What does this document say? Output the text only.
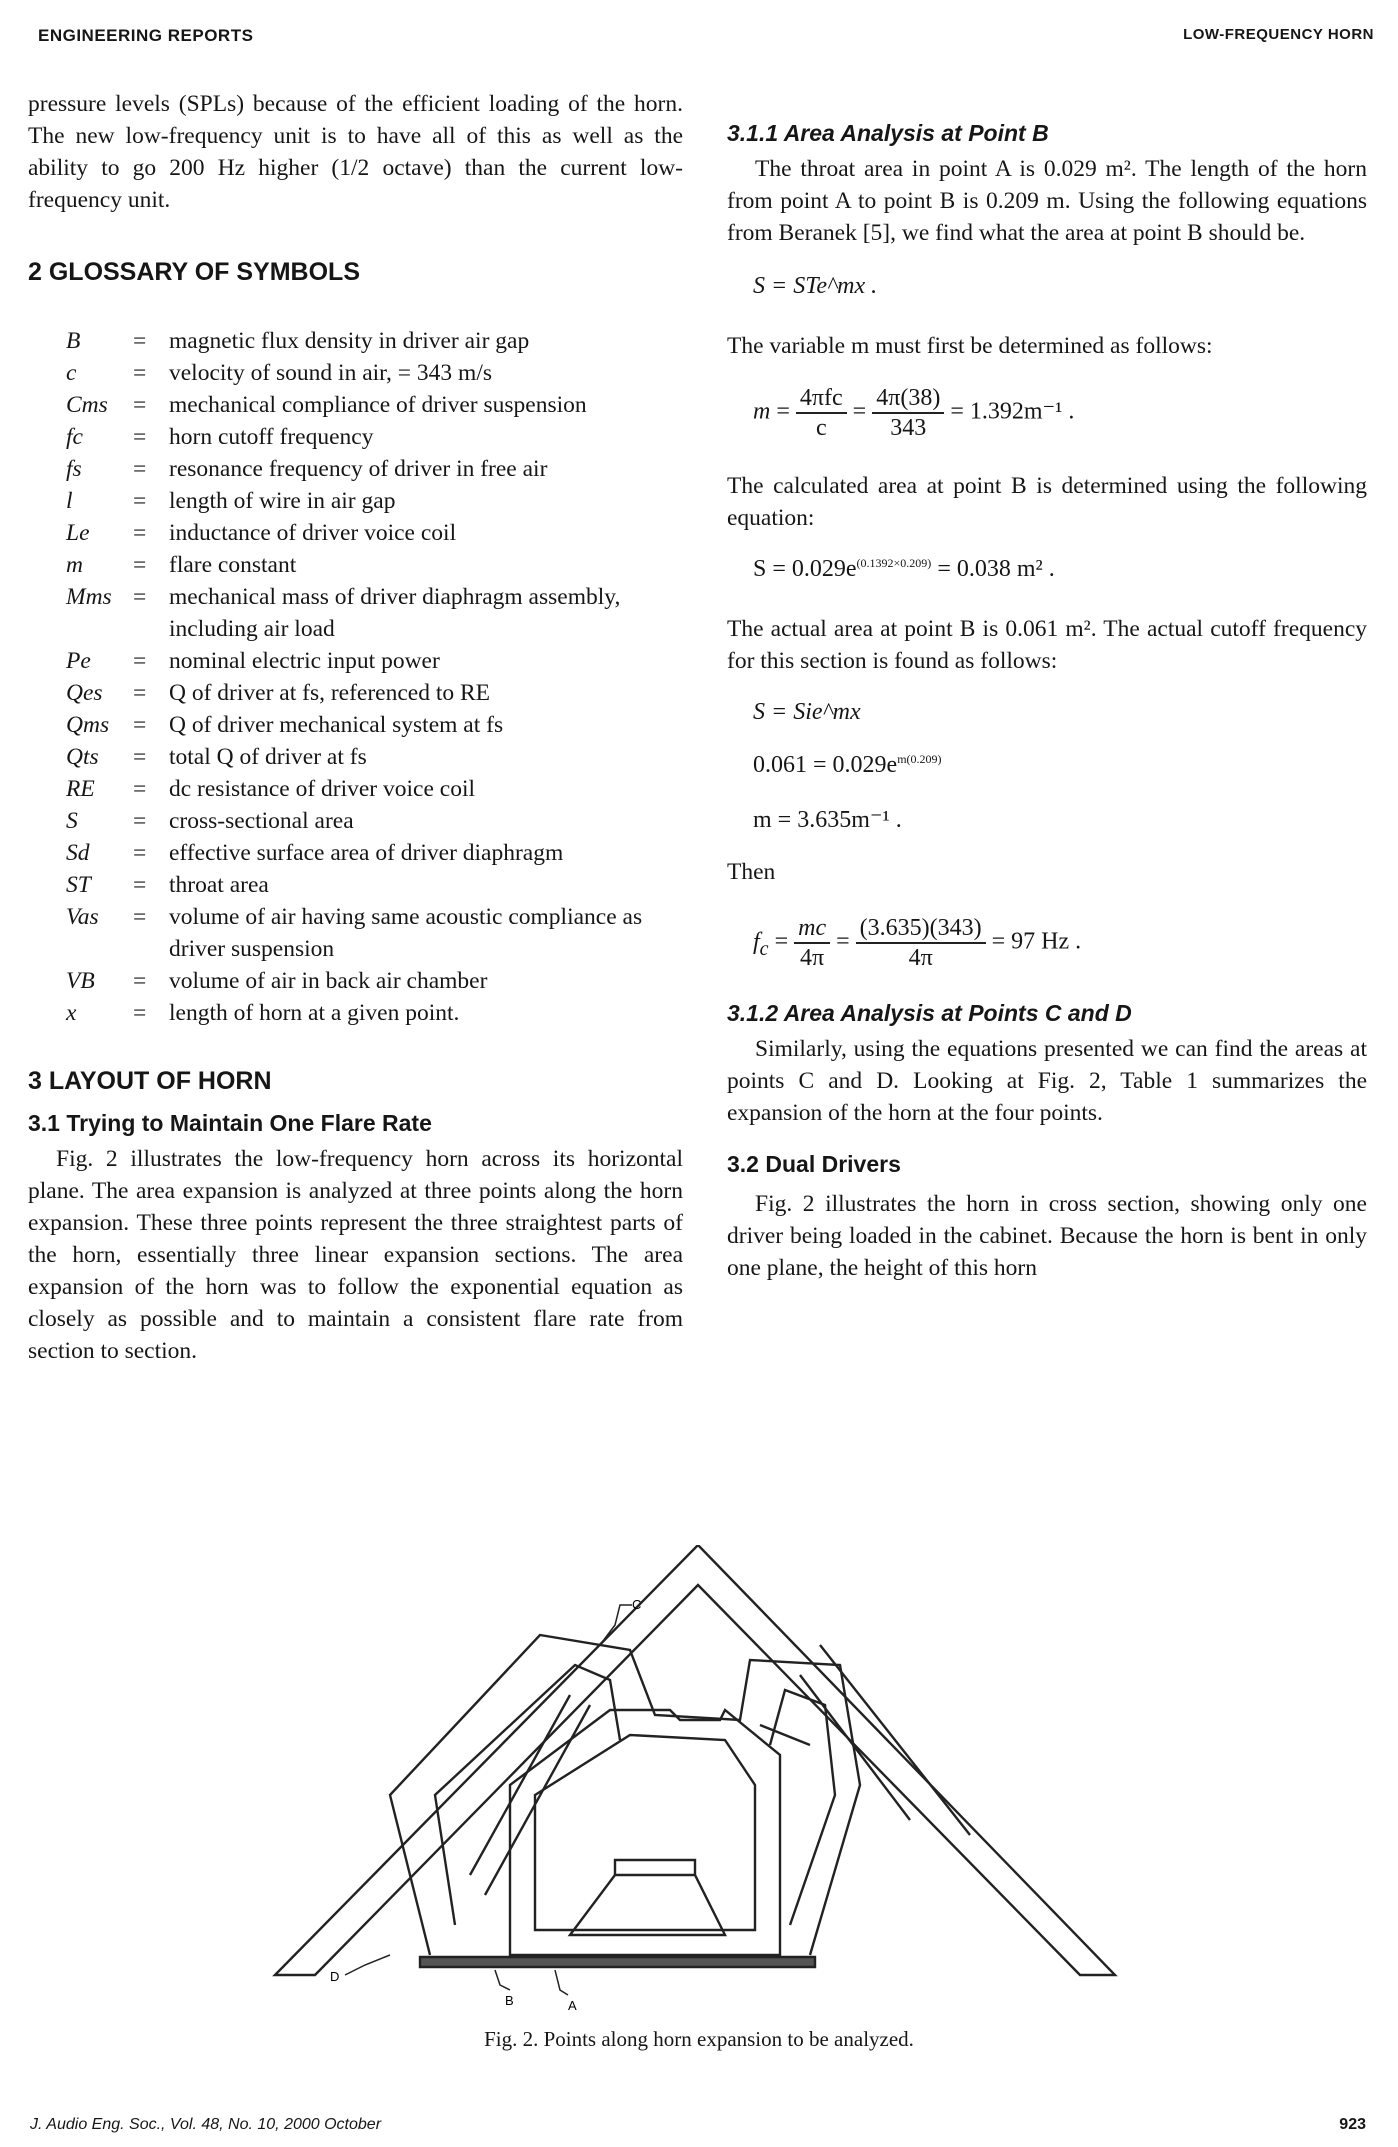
ENGINEERING REPORTS	LOW-FREQUENCY HORN

pressure levels (SPLs) because of the efficient loading of the horn. The new low-frequency unit is to have all of this as well as the ability to go 200 Hz higher (1/2 octave) than the current low-frequency unit.

2 GLOSSARY OF SYMBOLS
B	=	magnetic flux density in driver air gap
c	=	velocity of sound in air, = 343 m/s
Cms	=	mechanical compliance of driver suspension
fc	=	horn cutoff frequency
fs	=	resonance frequency of driver in free air
l	=	length of wire in air gap
Le	=	inductance of driver voice coil
m	=	flare constant
Mms	=	mechanical mass of driver diaphragm assembly, including air load
Pe	=	nominal electric input power
Qes	=	Q of driver at fs, referenced to RE
Qms	=	Q of driver mechanical system at fs
Qts	=	total Q of driver at fs
RE	=	dc resistance of driver voice coil
S	=	cross-sectional area
Sd	=	effective surface area of driver diaphragm
ST	=	throat area
Vas	=	volume of air having same acoustic compliance as driver suspension
VB	=	volume of air in back air chamber
x	=	length of horn at a given point.
3 LAYOUT OF HORN
3.1 Trying to Maintain One Flare Rate

Fig. 2 illustrates the low-frequency horn across its horizontal plane. The area expansion is analyzed at three points along the horn expansion. These three points represent the three straightest parts of the horn, essentially three linear expansion sections. The area expansion of the horn was to follow the exponential equation as closely as possible and to maintain a consistent flare rate from section to section.

3.1.1 Area Analysis at Point B

The throat area in point A is 0.029 m². The length of the horn from point A to point B is 0.209 m. Using the following equations from Beranek [5], we find what the area at point B should be.

S = STe^mx .

The variable m must first be determined as follows:

$m = \frac{\text{4πfc}}{c} = \frac{4\pi(38)}{343} = 1.392m^{-1}$ .

The calculated area at point B is determined using the following equation:

$S = 0.029e^{(0.1392\times 0.209)} = 0.038$ m² .

The actual area at point B is 0.061 m². The actual cutoff frequency for this section is found as follows:

S = Sie^mx
$0.061 = 0.029e^{m(0.209)}$
m = 3.635m⁻¹ .

Then

$f_c = \frac{mc}{4\pi} = \frac{(3.635)(343)}{4\pi} = 97$ Hz .
3.1.2 Area Analysis at Points C and D

Similarly, using the equations presented we can find the areas at points C and D. Looking at Fig. 2, Table 1 summarizes the expansion of the horn at the four points.

3.2 Dual Drivers

Fig. 2 illustrates the horn in cross section, showing only one driver being loaded in the cabinet. Because the horn is bent in only one plane, the height of this horn

C
D
B	A
Fig. 2. Points along horn expansion to be analyzed.
J. Audio Eng. Soc., Vol. 48, No. 10, 2000 October	923
